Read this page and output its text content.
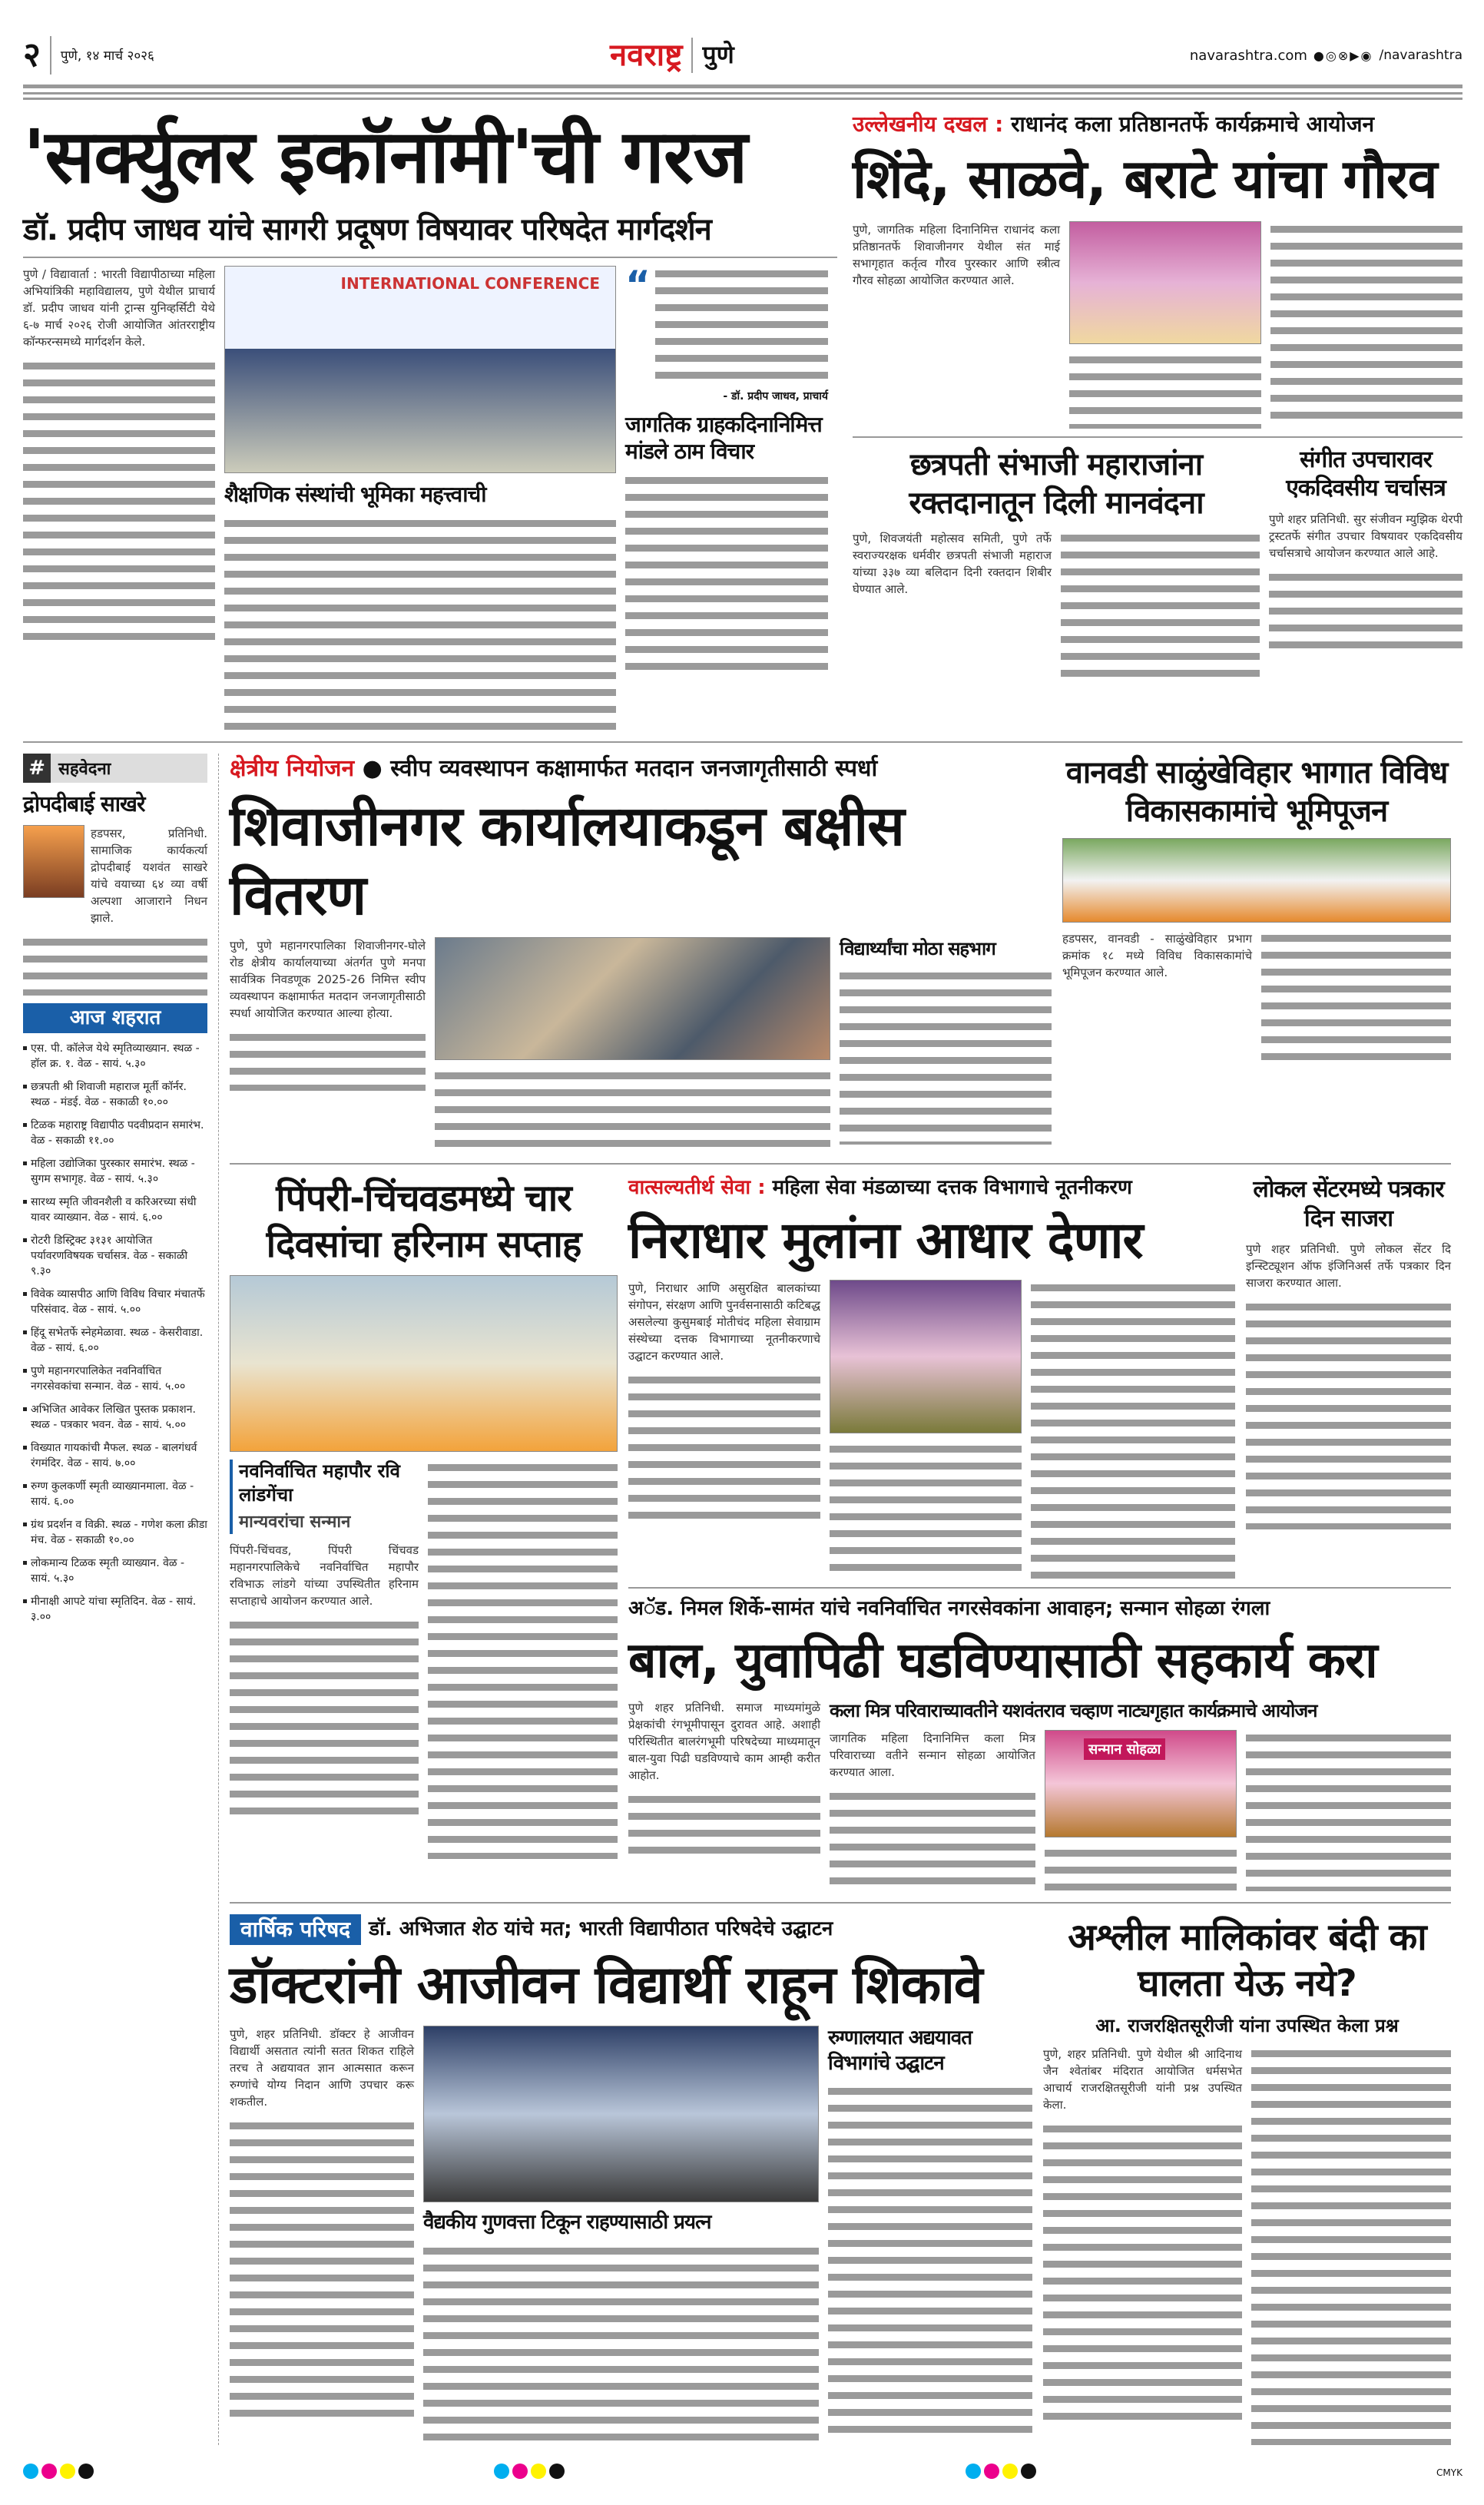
२ पुणे, १४ मार्च २०२६	नवराष्ट्र पुणे	navarashtra.com ●◎⊗▶◉ /navarashtra
'सर्क्युलर इकॉनॉमी'ची गरज
डॉ. प्रदीप जाधव यांचे सागरी प्रदूषण विषयावर परिषदेत मार्गदर्शन
पुणे / विद्यावार्ता : भारती विद्यापीठाच्या महिला अभियांत्रिकी महाविद्यालय, पुणे येथील प्राचार्य डॉ. प्रदीप जाधव यांनी ट्रान्स युनिव्हर्सिटी येथे ६-७ मार्च २०२६ रोजी आयोजित आंतरराष्ट्रीय कॉन्फरन्समध्ये मार्गदर्शन केले.
INTERNATIONAL CONFERENCE
शैक्षणिक संस्थांची भूमिका महत्त्वाची
“
- डॉ. प्रदीप जाधव, प्राचार्य
जागतिक ग्राहकदिनानिमित्त मांडले ठाम विचार
उल्लेखनीय दखल : राधानंद कला प्रतिष्ठानतर्फे कार्यक्रमाचे आयोजन
शिंदे, साळवे, बराटे यांचा गौरव
पुणे, जागतिक महिला दिनानिमित्त राधानंद कला प्रतिष्ठानतर्फे शिवाजीनगर येथील संत माई सभागृहात कर्तृत्व गौरव पुरस्कार आणि स्त्रीत्व गौरव सोहळा आयोजित करण्यात आले.
छत्रपती संभाजी महाराजांना रक्तदानातून दिली मानवंदना
पुणे, शिवजयंती महोत्सव समिती, पुणे तर्फे स्वराज्यरक्षक धर्मवीर छत्रपती संभाजी महाराज यांच्या ३३७ व्या बलिदान दिनी रक्तदान शिबीर घेण्यात आले.
संगीत उपचारावर एकदिवसीय चर्चासत्र
पुणे शहर प्रतिनिधी. सुर संजीवन म्युझिक थेरपी ट्रस्टतर्फे संगीत उपचार विषयावर एकदिवसीय चर्चासत्राचे आयोजन करण्यात आले आहे.
# सहवेदना
द्रोपदीबाई साखरे
हडपसर, प्रतिनिधी. सामाजिक कार्यकर्त्या द्रोपदीबाई यशवंत साखरे यांचे वयाच्या ६४ व्या वर्षी अल्पशा आजाराने निधन झाले.
आज शहरात
एस. पी. कॉलेज येथे स्मृतिव्याख्यान. स्थळ - हॉल क्र. १. वेळ - सायं. ५.३०
छत्रपती श्री शिवाजी महाराज मूर्ती कॉर्नर. स्थळ - मंडई. वेळ - सकाळी १०.००
टिळक महाराष्ट्र विद्यापीठ पदवीप्रदान समारंभ. वेळ - सकाळी ११.००
महिला उद्योजिका पुरस्कार समारंभ. स्थळ - सुगम सभागृह. वेळ - सायं. ५.३०
सारथ्य स्मृति जीवनशैली व करिअरच्या संधी यावर व्याख्यान. वेळ - सायं. ६.००
रोटरी डिस्ट्रिक्ट ३१३१ आयोजित पर्यावरणविषयक चर्चासत्र. वेळ - सकाळी ९.३०
विवेक व्यासपीठ आणि विविध विचार मंचातर्फे परिसंवाद. वेळ - सायं. ५.००
हिंदू सभेतर्फे स्नेहमेळावा. स्थळ - केसरीवाडा. वेळ - सायं. ६.००
पुणे महानगरपालिकेत नवनिर्वाचित नगरसेवकांचा सन्मान. वेळ - सायं. ५.००
अभिजित आवेकर लिखित पुस्तक प्रकाशन. स्थळ - पत्रकार भवन. वेळ - सायं. ५.००
विख्यात गायकांची मैफल. स्थळ - बालगंधर्व रंगमंदिर. वेळ - सायं. ७.००
रुग्ण कुलकर्णी स्मृती व्याख्यानमाला. वेळ - सायं. ६.००
ग्रंथ प्रदर्शन व विक्री. स्थळ - गणेश कला क्रीडा मंच. वेळ - सकाळी १०.००
लोकमान्य टिळक स्मृती व्याख्यान. वेळ - सायं. ५.३०
मीनाक्षी आपटे यांचा स्मृतिदिन. वेळ - सायं. ३.००
क्षेत्रीय नियोजन ● स्वीप व्यवस्थापन कक्षामार्फत मतदान जनजागृतीसाठी स्पर्धा
शिवाजीनगर कार्यालयाकडून बक्षीस वितरण
पुणे, पुणे महानगरपालिका शिवाजीनगर-घोले रोड क्षेत्रीय कार्यालयाच्या अंतर्गत पुणे मनपा सार्वत्रिक निवडणूक 2025-26 निमित्त स्वीप व्यवस्थापन कक्षामार्फत मतदान जनजागृतीसाठी स्पर्धा आयोजित करण्यात आल्या होत्या.
विद्यार्थ्यांचा मोठा सहभाग
वानवडी साळुंखेविहार भागात विविध विकासकामांचे भूमिपूजन
हडपसर, वानवडी - साळुंखेविहार प्रभाग क्रमांक १८ मध्ये विविध विकासकामांचे भूमिपूजन करण्यात आले.
पिंपरी-चिंचवडमध्ये चार दिवसांचा हरिनाम सप्ताह
नवनिर्वाचित महापौर रवि लांडगेंचा
मान्यवरांचा सन्मान
पिंपरी-चिंचवड, पिंपरी चिंचवड महानगरपालिकेचे नवनिर्वाचित महापौर रविभाऊ लांडगे यांच्या उपस्थितीत हरिनाम सप्ताहाचे आयोजन करण्यात आले.
वात्सल्यतीर्थ सेवा : महिला सेवा मंडळाच्या दत्तक विभागाचे नूतनीकरण
निराधार मुलांना आधार देणार
पुणे, निराधार आणि असुरक्षित बालकांच्या संगोपन, संरक्षण आणि पुनर्वसनासाठी कटिबद्ध असलेल्या कुसुमबाई मोतीचंद महिला सेवाग्राम संस्थेच्या दत्तक विभागाच्या नूतनीकरणाचे उद्घाटन करण्यात आले.
लोकल सेंटरमध्ये पत्रकार दिन साजरा
पुणे शहर प्रतिनिधी. पुणे लोकल सेंटर दि इन्स्टिट्यूशन ऑफ इंजिनिअर्स तर्फे पत्रकार दिन साजरा करण्यात आला.
अॅड. निमल शिर्के-सामंत यांचे नवनिर्वाचित नगरसेवकांना आवाहन; सन्मान सोहळा रंगला
बाल, युवापिढी घडविण्यासाठी सहकार्य करा
पुणे शहर प्रतिनिधी. समाज माध्यमांमुळे प्रेक्षकांची रंगभूमीपासून दुरावत आहे. अशाही परिस्थितीत बालरंगभूमी परिषदेच्या माध्यमातून बाल-युवा पिढी घडविण्याचे काम आम्ही करीत आहोत.
कला मित्र परिवाराच्यावतीने यशवंतराव चव्हाण नाट्यगृहात कार्यक्रमाचे आयोजन
जागतिक महिला दिनानिमित्त कला मित्र परिवाराच्या वतीने सन्मान सोहळा आयोजित करण्यात आला.
सन्मान सोहळा
वार्षिक परिषद डॉ. अभिजात शेठ यांचे मत; भारती विद्यापीठात परिषदेचे उद्घाटन
डॉक्टरांनी आजीवन विद्यार्थी राहून शिकावे
पुणे, शहर प्रतिनिधी. डॉक्टर हे आजीवन विद्यार्थी असतात त्यांनी सतत शिकत राहिले तरच ते अद्ययावत ज्ञान आत्मसात करून रुग्णांचे योग्य निदान आणि उपचार करू शकतील.
वैद्यकीय गुणवत्ता टिकून राहण्यासाठी प्रयत्न
रुग्णालयात अद्ययावत विभागांचे उद्घाटन
अश्लील मालिकांवर बंदी का घालता येऊ नये?
आ. राजरक्षितसूरीजी यांना उपस्थित केला प्रश्न
पुणे, शहर प्रतिनिधी. पुणे येथील श्री आदिनाथ जैन श्वेतांबर मंदिरात आयोजित धर्मसभेत आचार्य राजरक्षितसूरीजी यांनी प्रश्न उपस्थित केला.
CMYK
